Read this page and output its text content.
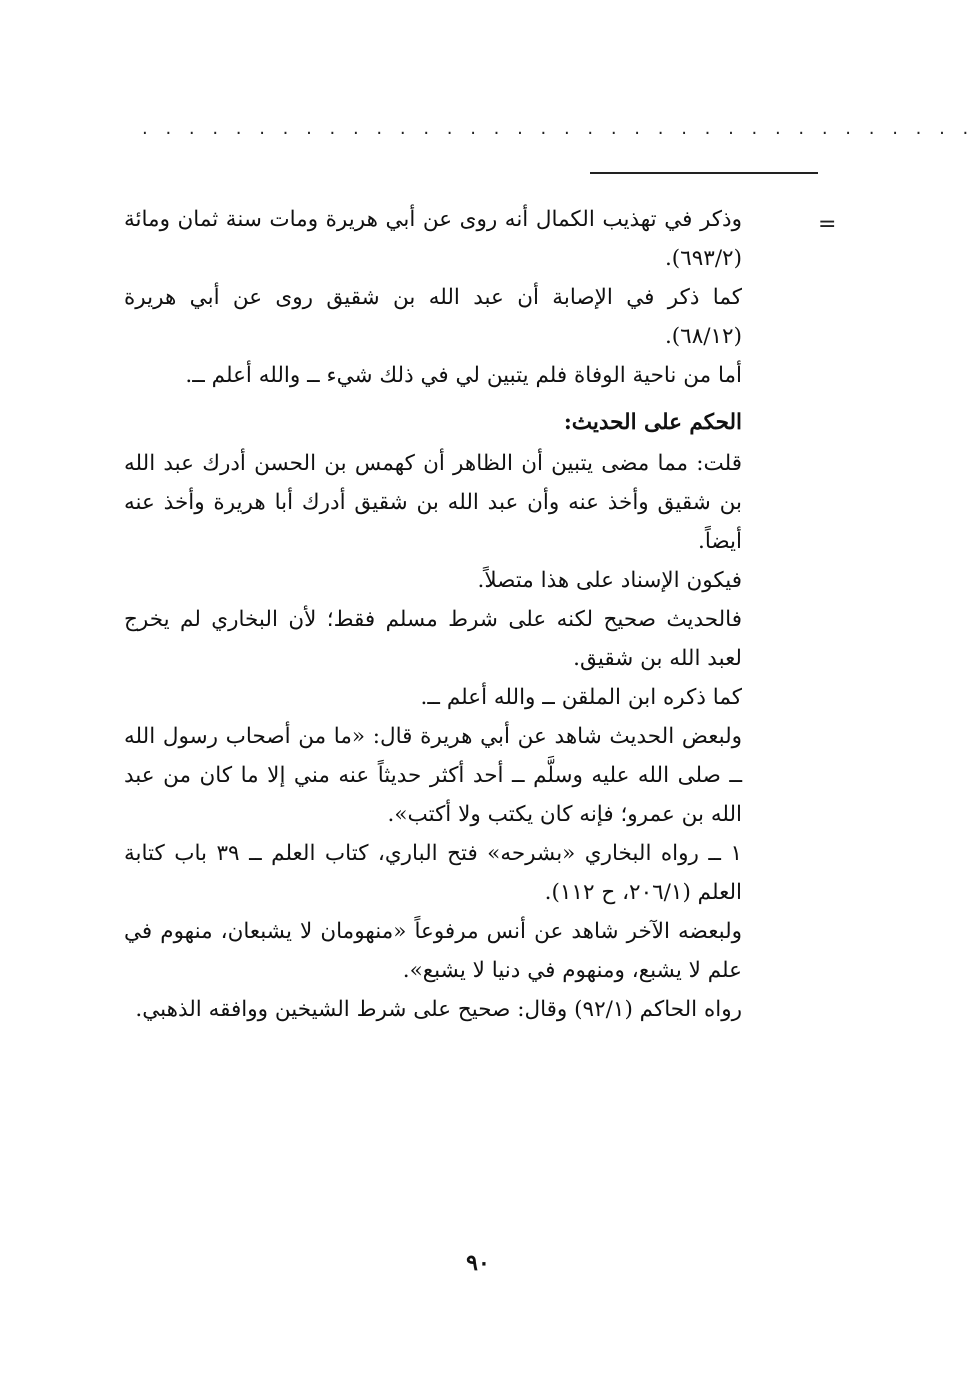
. . . . . . . . . . . . . . . . . . . . . . . . . . . . . . . . . . . .
=

وذكر في تهذيب الكمال أنه روى عن أبي هريرة ومات سنة ثمان ومائة (٦٩٣/٢).

كما ذكر في الإصابة أن عبد الله بن شقيق روى عن أبي هريرة (٦٨/١٢).

أما من ناحية الوفاة فلم يتبين لي في ذلك شيء ــ والله أعلم ــ.

الحكم على الحديث:

قلت: مما مضى يتبين أن الظاهر أن كهمس بن الحسن أدرك عبد الله بن شقيق وأخذ عنه وأن عبد الله بن شقيق أدرك أبا هريرة وأخذ عنه أيضاً.

فيكون الإسناد على هذا متصلاً.

فالحديث صحيح لكنه على شرط مسلم فقط؛ لأن البخاري لم يخرج لعبد الله بن شقيق.

كما ذكره ابن الملقن ــ والله أعلم ــ.

ولبعض الحديث شاهد عن أبي هريرة قال: «ما من أصحاب رسول الله ــ صلى الله عليه وسلَّم ــ أحد أكثر حديثاً عنه مني إلا ما كان من عبد الله بن عمرو؛ فإنه كان يكتب ولا أكتب».

١ ــ رواه البخاري «بشرحه» فتح الباري، كتاب العلم ــ ٣٩ باب كتابة العلم (٢٠٦/١، ح ١١٢).

ولبعضه الآخر شاهد عن أنس مرفوعاً «منهومان لا يشبعان، منهوم في علم لا يشبع، ومنهوم في دنيا لا يشبع».

رواه الحاكم (٩٢/١) وقال: صحيح على شرط الشيخين ووافقه الذهبي.

٩٠
